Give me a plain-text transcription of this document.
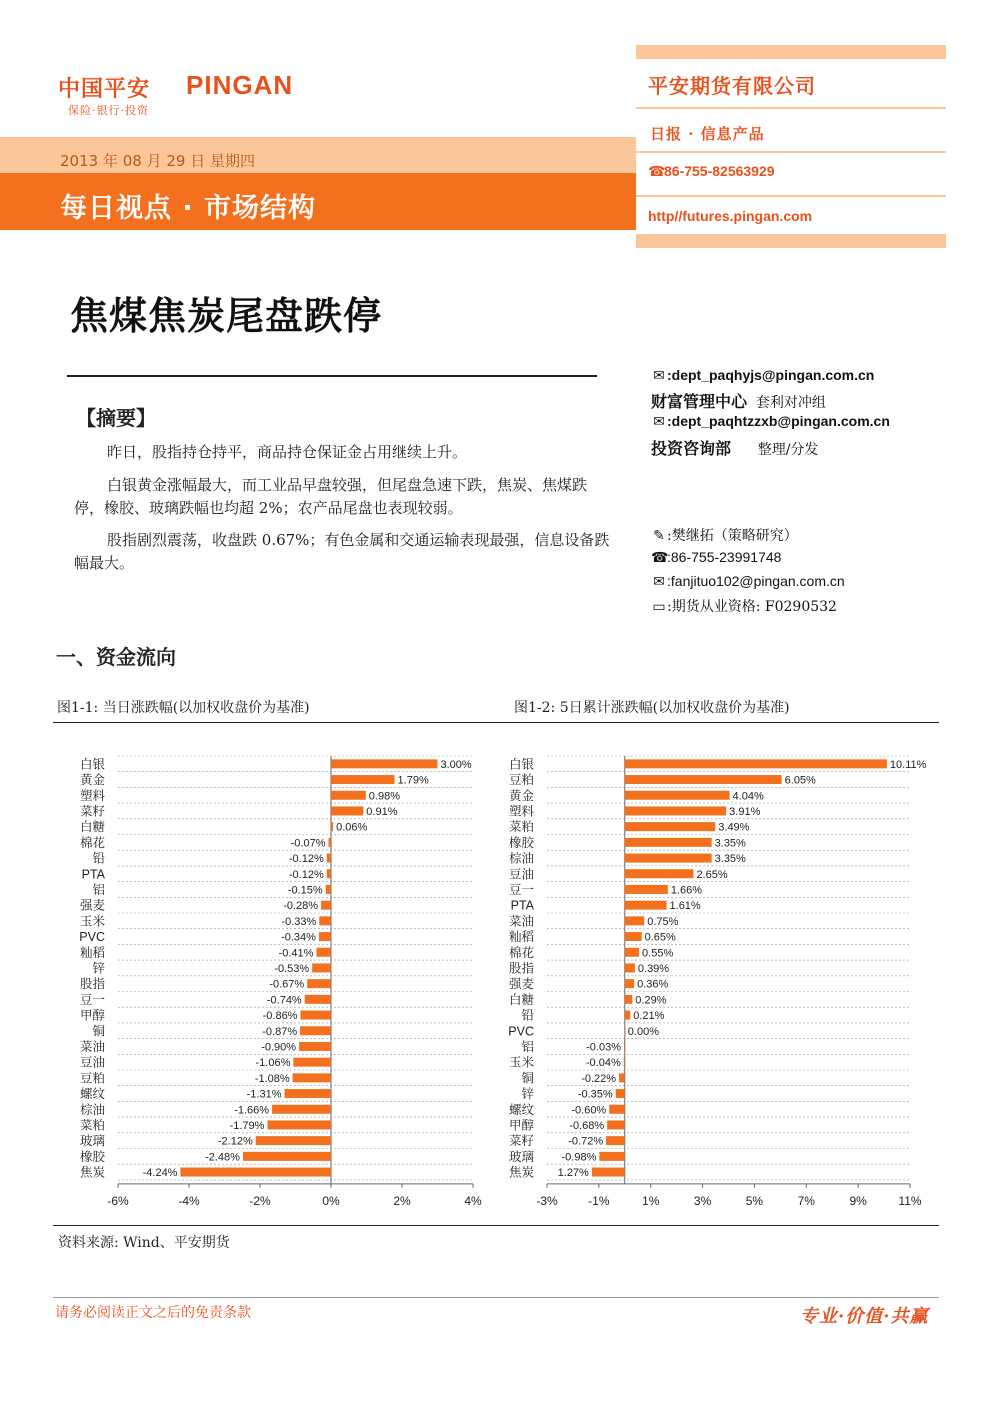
中国平安 PINGAN
保险·银行·投资
2013 年 08 月 29 日 星期四
每日视点 · 市场结构
平安期货有限公司
日报 · 信息产品
☎86-755-82563929
http//futures.pingan.com
焦煤焦炭尾盘跌停
【摘要】
昨日，股指持仓持平，商品持仓保证金占用继续上升。
白银黄金涨幅最大，而工业品早盘较强，但尾盘急速下跌，焦炭、焦煤跌停，橡胶、玻璃跌幅也均超 2%；农产品尾盘也表现较弱。
股指剧烈震荡，收盘跌 0.67%；有色金属和交通运输表现最强，信息设备跌幅最大。
✉ :dept_paqhyjs@pingan.com.cn
财富管理中心 套利对冲组
✉ :dept_paqhtzzxb@pingan.com.cn
投资咨询部 整理/分发
✎ :樊继拓（策略研究）
☎:86-755-23991748
✉ :fanjituo102@pingan.com.cn
▭:期货从业资格: F0290532
一、资金流向
图1-1: 当日涨跌幅(以加权收盘价为基准)	图1-2: 5日累计涨跌幅(以加权收盘价为基准)
-6%	-4%	-2%	0%	2%	4%
白银	3.00%
黄金	1.79%
塑料	0.98%
菜籽	0.91%
白糖	0.06%
棉花	-0.07%
铅	-0.12%
PTA	-0.12%
铝	-0.15%
强麦	-0.28%
玉米	-0.33%
PVC	-0.34%
籼稻	-0.41%
锌	-0.53%
股指	-0.67%
豆一	-0.74%
甲醇	-0.86%
铜	-0.87%
菜油	-0.90%
豆油	-1.06%
豆粕	-1.08%
螺纹	-1.31%
棕油	-1.66%
菜粕	-1.79%
玻璃	-2.12%
橡胶	-2.48%
焦炭	-4.24%
-3%	-1%	1%	3%	5%	7%	9%	11%
白银	10.11%
豆粕	6.05%
黄金	4.04%
塑料	3.91%
菜粕	3.49%
橡胶	3.35%
棕油	3.35%
豆油	2.65%
豆一	1.66%
PTA	1.61%
菜油	0.75%
籼稻	0.65%
棉花	0.55%
股指	0.39%
强麦	0.36%
白糖	0.29%
铅	0.21%
PVC	0.00%
铝	-0.03%
玉米	-0.04%
铜	-0.22%
锌	-0.35%
螺纹	-0.60%
甲醇	-0.68%
菜籽	-0.72%
玻璃	-0.98%
焦炭 1.27%
资料来源: Wind、平安期货
请务必阅读正文之后的免责条款	专业·价值·共赢
